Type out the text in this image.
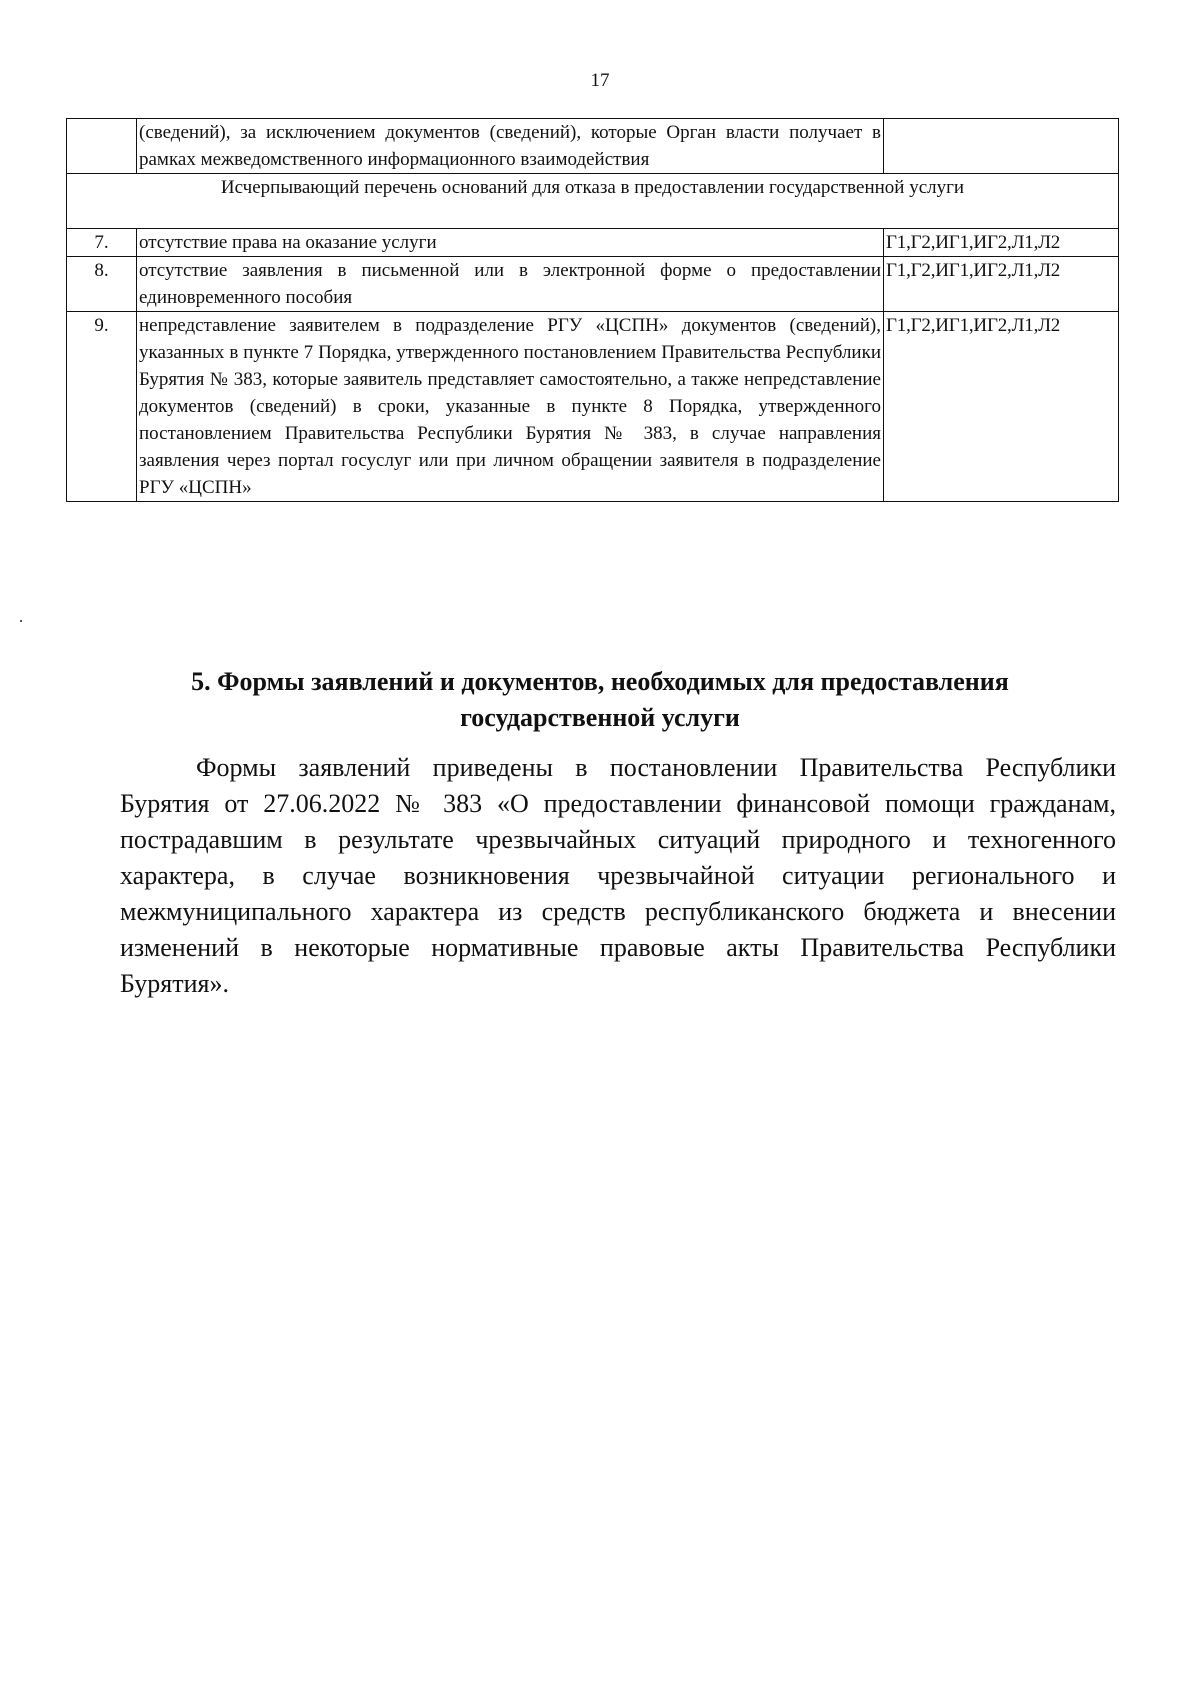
17
	(сведений), за исключением документов (сведений), которые Орган власти получает в рамках межведомственного информационного взаимодействия	
Исчерпывающий перечень оснований для отказа в предоставлении государственной услуги		
7.	отсутствие права на оказание услуги	Г1,Г2,ИГ1,ИГ2,Л1,Л2
8.	отсутствие заявления в письменной или в электронной форме о предоставлении единовременного пособия	Г1,Г2,ИГ1,ИГ2,Л1,Л2
9.	непредставление заявителем в подразделение РГУ «ЦСПН» документов (сведений), указанных в пункте 7 Порядка, утвержденного постановлением Правительства Республики Бурятия № 383, которые заявитель представляет самостоятельно, а также непредставление документов (сведений) в сроки, указанные в пункте 8 Порядка, утвержденного постановлением Правительства Республики Бурятия № 383, в случае направления заявления через портал госуслуг или при личном обращении заявителя в подразделение РГУ «ЦСПН»	Г1,Г2,ИГ1,ИГ2,Л1,Л2
5. Формы заявлений и документов, необходимых для предоставления государственной услуги

Формы заявлений приведены в постановлении Правительства Республики Бурятия от 27.06.2022 № 383 «О предоставлении финансовой помощи гражданам, пострадавшим в результате чрезвычайных ситуаций природного и техногенного характера, в случае возникновения чрезвычайной ситуации регионального и межмуниципального характера из средств республиканского бюджета и внесении изменений в некоторые нормативные правовые акты Правительства Республики Бурятия».
